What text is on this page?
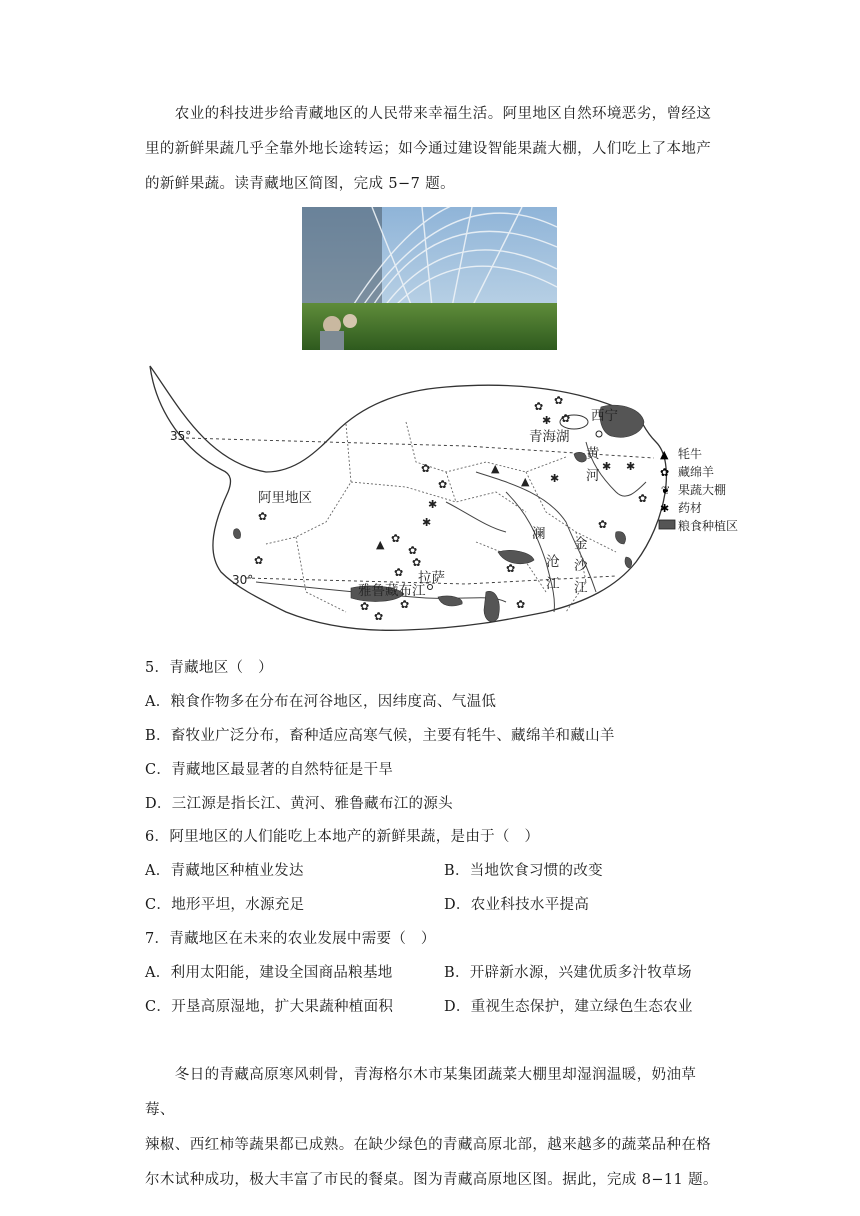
　　农业的科技进步给青藏地区的人民带来幸福生活。阿里地区自然环境恶劣，曾经这

里的新鲜果蔬几乎全靠外地长途转运；如今通过建设智能果蔬大棚，人们吃上了本地产

的新鲜果蔬。读青藏地区简图，完成 5−7 题。

✿ ✿
✱ ✿
▲
✿
✿
✱
✿
✿
✿
✿
▲
▲ ✱
✿
✿
✿	✿
✿
✿
✿
✿
✱ ✱
✱
✿
西宁
青海湖
黄
河
35°
阿里地区
澜
沧
江
金
沙
江
30°	拉萨
雅鲁藏布江
▲ 牦牛
✿ 藏绵羊
❦ 果蔬大棚
✱ 药材
粮食种植区
5．青藏地区（　）
A．粮食作物多在分布在河谷地区，因纬度高、气温低
B．畜牧业广泛分布，畜种适应高寒气候，主要有牦牛、藏绵羊和藏山羊
C．青藏地区最显著的自然特征是干旱
D．三江源是指长江、黄河、雅鲁藏布江的源头
6．阿里地区的人们能吃上本地产的新鲜果蔬，是由于（　）
A．青藏地区种植业发达	B．当地饮食习惯的改变
C．地形平坦，水源充足	D．农业科技水平提高
7．青藏地区在未来的农业发展中需要（　）
A．利用太阳能，建设全国商品粮基地	B．开辟新水源，兴建优质多汁牧草场
C．开垦高原湿地，扩大果蔬种植面积	D．重视生态保护，建立绿色生态农业

　　冬日的青藏高原寒风刺骨，青海格尔木市某集团蔬菜大棚里却湿润温暖，奶油草莓、

辣椒、西红柿等蔬果都已成熟。在缺少绿色的青藏高原北部，越来越多的蔬菜品种在格

尔木试种成功，极大丰富了市民的餐桌。图为青藏高原地区图。据此，完成 8−11 题。
